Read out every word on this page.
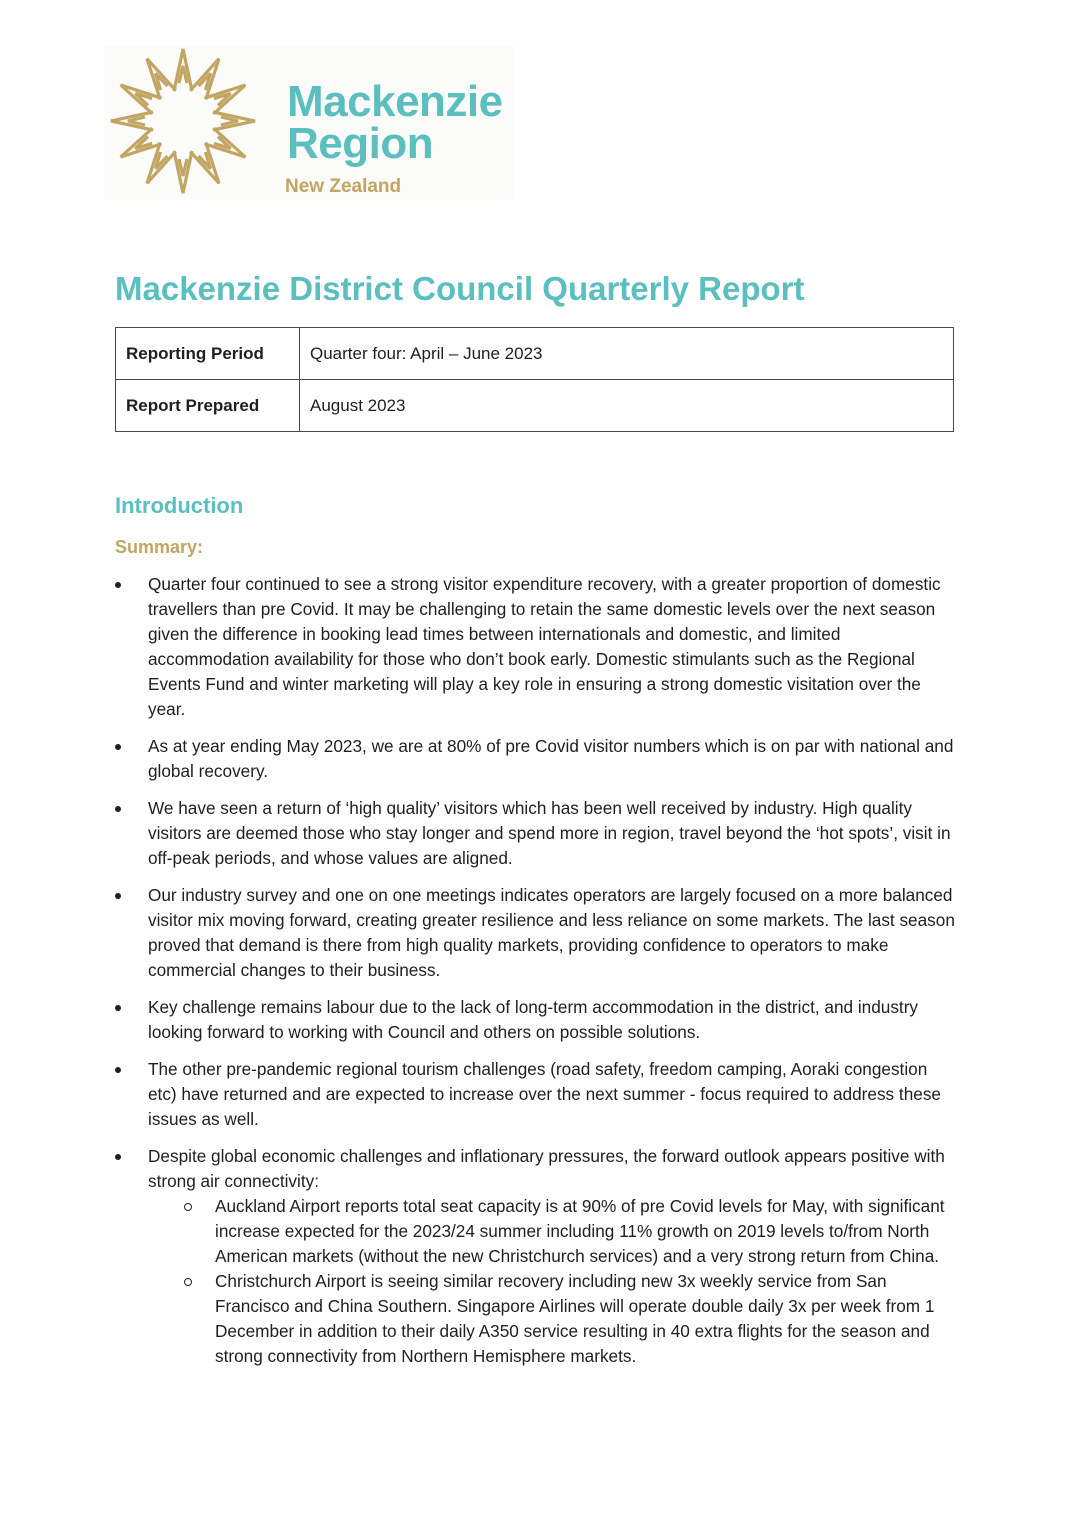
Mackenzie
Region
New Zealand
Mackenzie District Council Quarterly Report
Reporting Period	Quarter four: April – June 2023
Report Prepared	August 2023
Introduction
Summary:
Quarter four continued to see a strong visitor expenditure recovery, with a greater proportion of domestic travellers than pre Covid. It may be challenging to retain the same domestic levels over the next season given the difference in booking lead times between internationals and domestic, and limited accommodation availability for those who don’t book early. Domestic stimulants such as the Regional Events Fund and winter marketing will play a key role in ensuring a strong domestic visitation over the year.
As at year ending May 2023, we are at 80% of pre Covid visitor numbers which is on par with national and global recovery.
We have seen a return of ‘high quality’ visitors which has been well received by industry. High quality visitors are deemed those who stay longer and spend more in region, travel beyond the ‘hot spots’, visit in off-peak periods, and whose values are aligned.
Our industry survey and one on one meetings indicates operators are largely focused on a more balanced visitor mix moving forward, creating greater resilience and less reliance on some markets. The last season proved that demand is there from high quality markets, providing confidence to operators to make commercial changes to their business.
Key challenge remains labour due to the lack of long-term accommodation in the district, and industry looking forward to working with Council and others on possible solutions.
The other pre-pandemic regional tourism challenges (road safety, freedom camping, Aoraki congestion etc) have returned and are expected to increase over the next summer - focus required to address these issues as well.
Despite global economic challenges and inflationary pressures, the forward outlook appears positive with strong air connectivity:
Auckland Airport reports total seat capacity is at 90% of pre Covid levels for May, with significant increase expected for the 2023/24 summer including 11% growth on 2019 levels to/from North American markets (without the new Christchurch services) and a very strong return from China.
Christchurch Airport is seeing similar recovery including new 3x weekly service from San Francisco and China Southern. Singapore Airlines will operate double daily 3x per week from 1 December in addition to their daily A350 service resulting in 40 extra flights for the season and strong connectivity from Northern Hemisphere markets.
